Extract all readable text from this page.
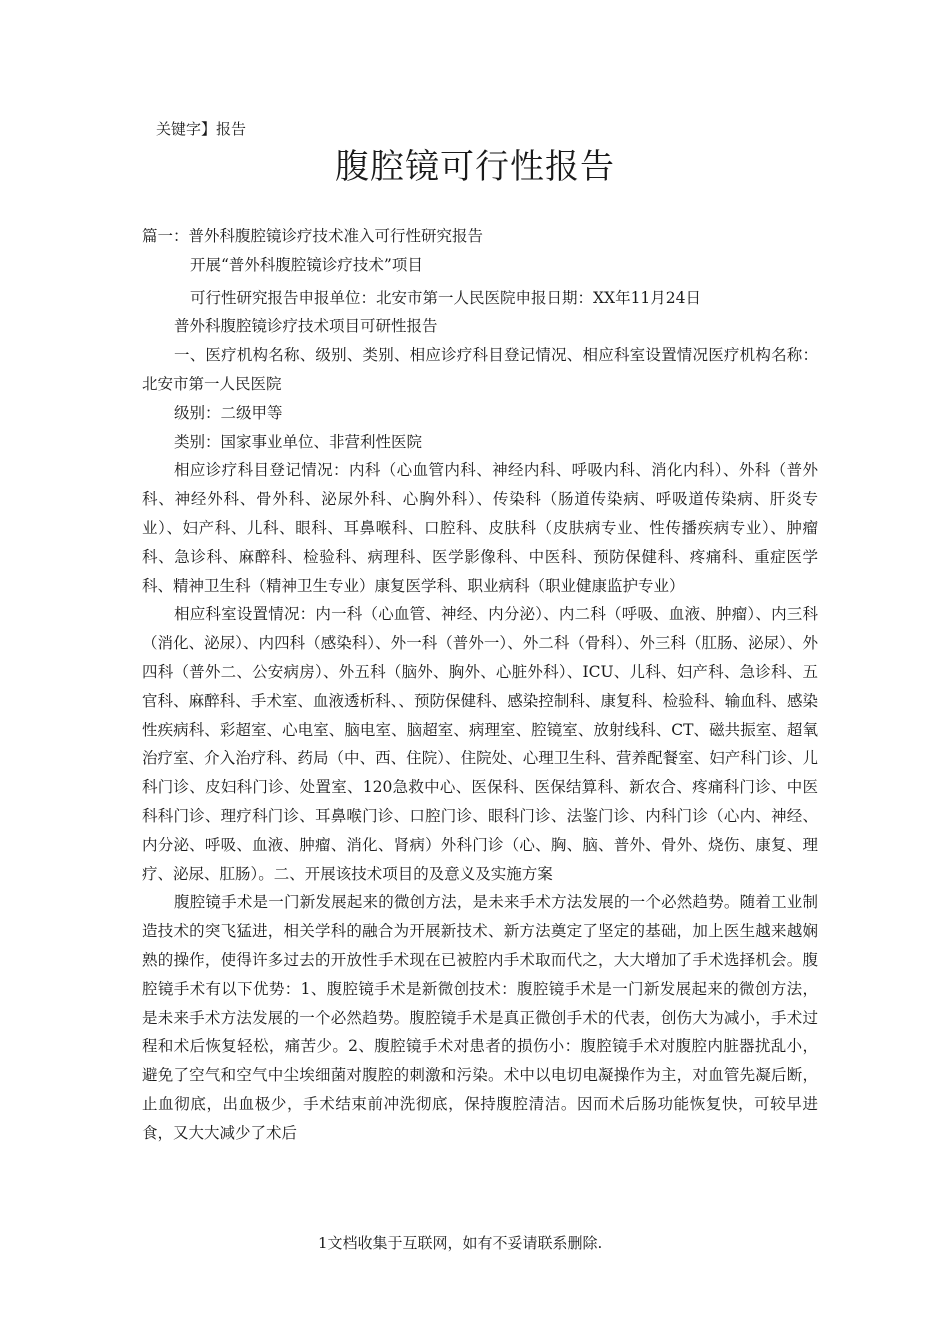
关键字】报告
腹腔镜可行性报告

篇一：普外科腹腔镜诊疗技术准入可行性研究报告

开展“普外科腹腔镜诊疗技术”项目

可行性研究报告申报单位：北安市第一人民医院申报日期：XX年11月24日

普外科腹腔镜诊疗技术项目可研性报告

一、医疗机构名称、级别、类别、相应诊疗科目登记情况、相应科室设置情况医疗机构名称：北安市第一人民医院

级别：二级甲等

类别：国家事业单位、非营利性医院

相应诊疗科目登记情况：内科（心血管内科、神经内科、呼吸内科、消化内科）、外科（普外科、神经外科、骨外科、泌尿外科、心胸外科）、传染科（肠道传染病、呼吸道传染病、肝炎专业）、妇产科、儿科、眼科、耳鼻喉科、口腔科、皮肤科（皮肤病专业、性传播疾病专业）、肿瘤科、急诊科、麻醉科、检验科、病理科、医学影像科、中医科、预防保健科、疼痛科、重症医学科、精神卫生科（精神卫生专业）康复医学科、职业病科（职业健康监护专业）

相应科室设置情况：内一科（心血管、神经、内分泌）、内二科（呼吸、血液、肿瘤）、内三科（消化、泌尿）、内四科（感染科）、外一科（普外一）、外二科（骨科）、外三科（肛肠、泌尿）、外四科（普外二、公安病房）、外五科（脑外、胸外、心脏外科）、ICU、儿科、妇产科、急诊科、五官科、麻醉科、手术室、血液透析科、、预防保健科、感染控制科、康复科、检验科、输血科、感染性疾病科、彩超室、心电室、脑电室、脑超室、病理室、腔镜室、放射线科、CT、磁共振室、超氧治疗室、介入治疗科、药局（中、西、住院）、住院处、心理卫生科、营养配餐室、妇产科门诊、儿科门诊、皮妇科门诊、处置室、120急救中心、医保科、医保结算科、新农合、疼痛科门诊、中医科科门诊、理疗科门诊、耳鼻喉门诊、口腔门诊、眼科门诊、法鉴门诊、内科门诊（心内、神经、内分泌、呼吸、血液、肿瘤、消化、肾病）外科门诊（心、胸、脑、普外、骨外、烧伤、康复、理疗、泌尿、肛肠）。二、开展该技术项目的及意义及实施方案

腹腔镜手术是一门新发展起来的微创方法，是未来手术方法发展的一个必然趋势。随着工业制造技术的突飞猛进，相关学科的融合为开展新技术、新方法奠定了坚定的基础，加上医生越来越娴熟的操作，使得许多过去的开放性手术现在已被腔内手术取而代之，大大增加了手术选择机会。腹腔镜手术有以下优势：1、腹腔镜手术是新微创技术：腹腔镜手术是一门新发展起来的微创方法，是未来手术方法发展的一个必然趋势。腹腔镜手术是真正微创手术的代表，创伤大为减小，手术过程和术后恢复轻松，痛苦少。2、腹腔镜手术对患者的损伤小：腹腔镜手术对腹腔内脏器扰乱小，避免了空气和空气中尘埃细菌对腹腔的刺激和污染。术中以电切电凝操作为主，对血管先凝后断，止血彻底，出血极少，手术结束前冲洗彻底，保持腹腔清洁。因而术后肠功能恢复快，可较早进食，又大大减少了术后

1文档收集于互联网，如有不妥请联系删除.
